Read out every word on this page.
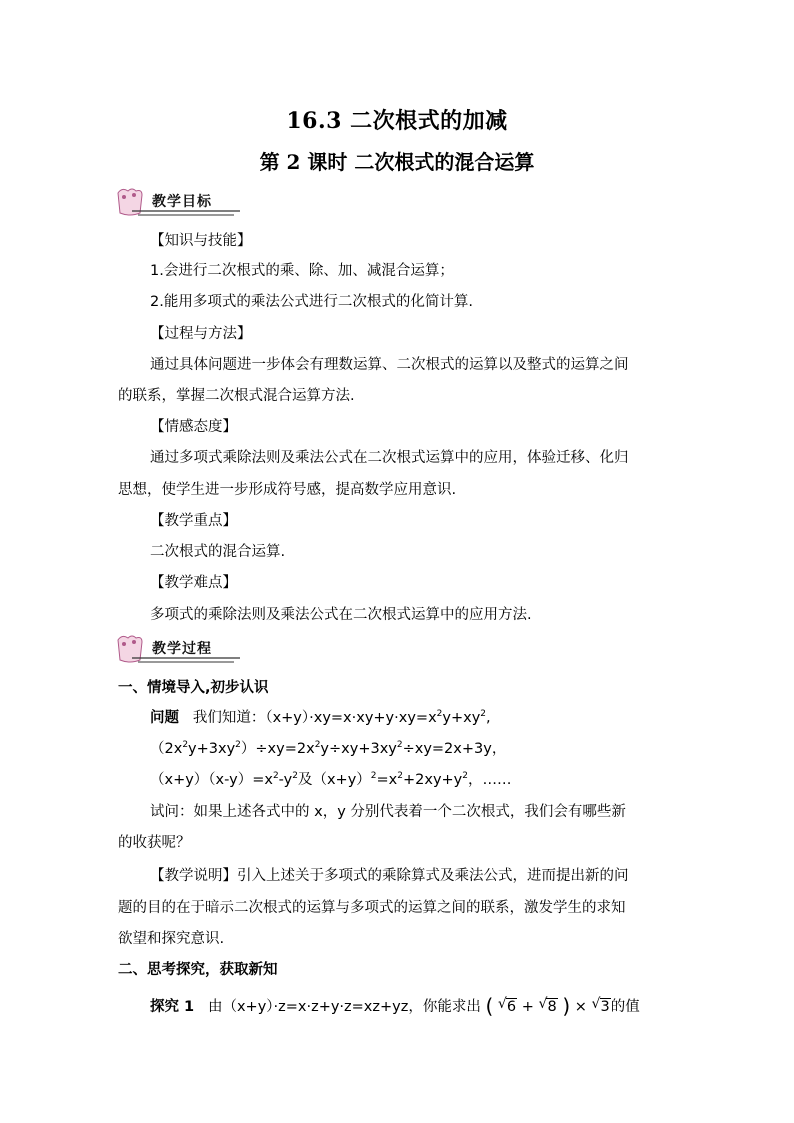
16.3 二次根式的加减
第 2 课时 二次根式的混合运算
教学目标
【知识与技能】
1.会进行二次根式的乘、除、加、减混合运算；
2.能用多项式的乘法公式进行二次根式的化简计算.
【过程与方法】
通过具体问题进一步体会有理数运算、二次根式的运算以及整式的运算之间
的联系，掌握二次根式混合运算方法.
【情感态度】
通过多项式乘除法则及乘法公式在二次根式运算中的应用，体验迁移、化归
思想，使学生进一步形成符号感，提高数学应用意识.
【教学重点】
二次根式的混合运算.
【教学难点】
多项式的乘除法则及乘法公式在二次根式运算中的应用方法.
教学过程
一、情境导入,初步认识
问题 我们知道：$(x+y)\cdot xy=x\cdot xy+y\cdot xy=x^2y+xy^2$,
$(2x^2y+3xy^2)\div xy=2x^2y\div xy+3xy^2\div xy=2x+3y$，
$(x+y)(x-y)=x^2-y^2$及$(x+y)^2=x^2+2xy+y^2$，……
试问：如果上述各式中的 x，y 分别代表着一个二次根式，我们会有哪些新
的收获呢？
【教学说明】引入上述关于多项式的乘除算式及乘法公式，进而提出新的问
题的目的在于暗示二次根式的运算与多项式的运算之间的联系，激发学生的求知
欲望和探究意识.
二、思考探究，获取新知
探究 1 由（x+y）·z=x·z+y·z=xz+yz，你能求出 ( √ 6 + √ 8 ) × √ 3的值
